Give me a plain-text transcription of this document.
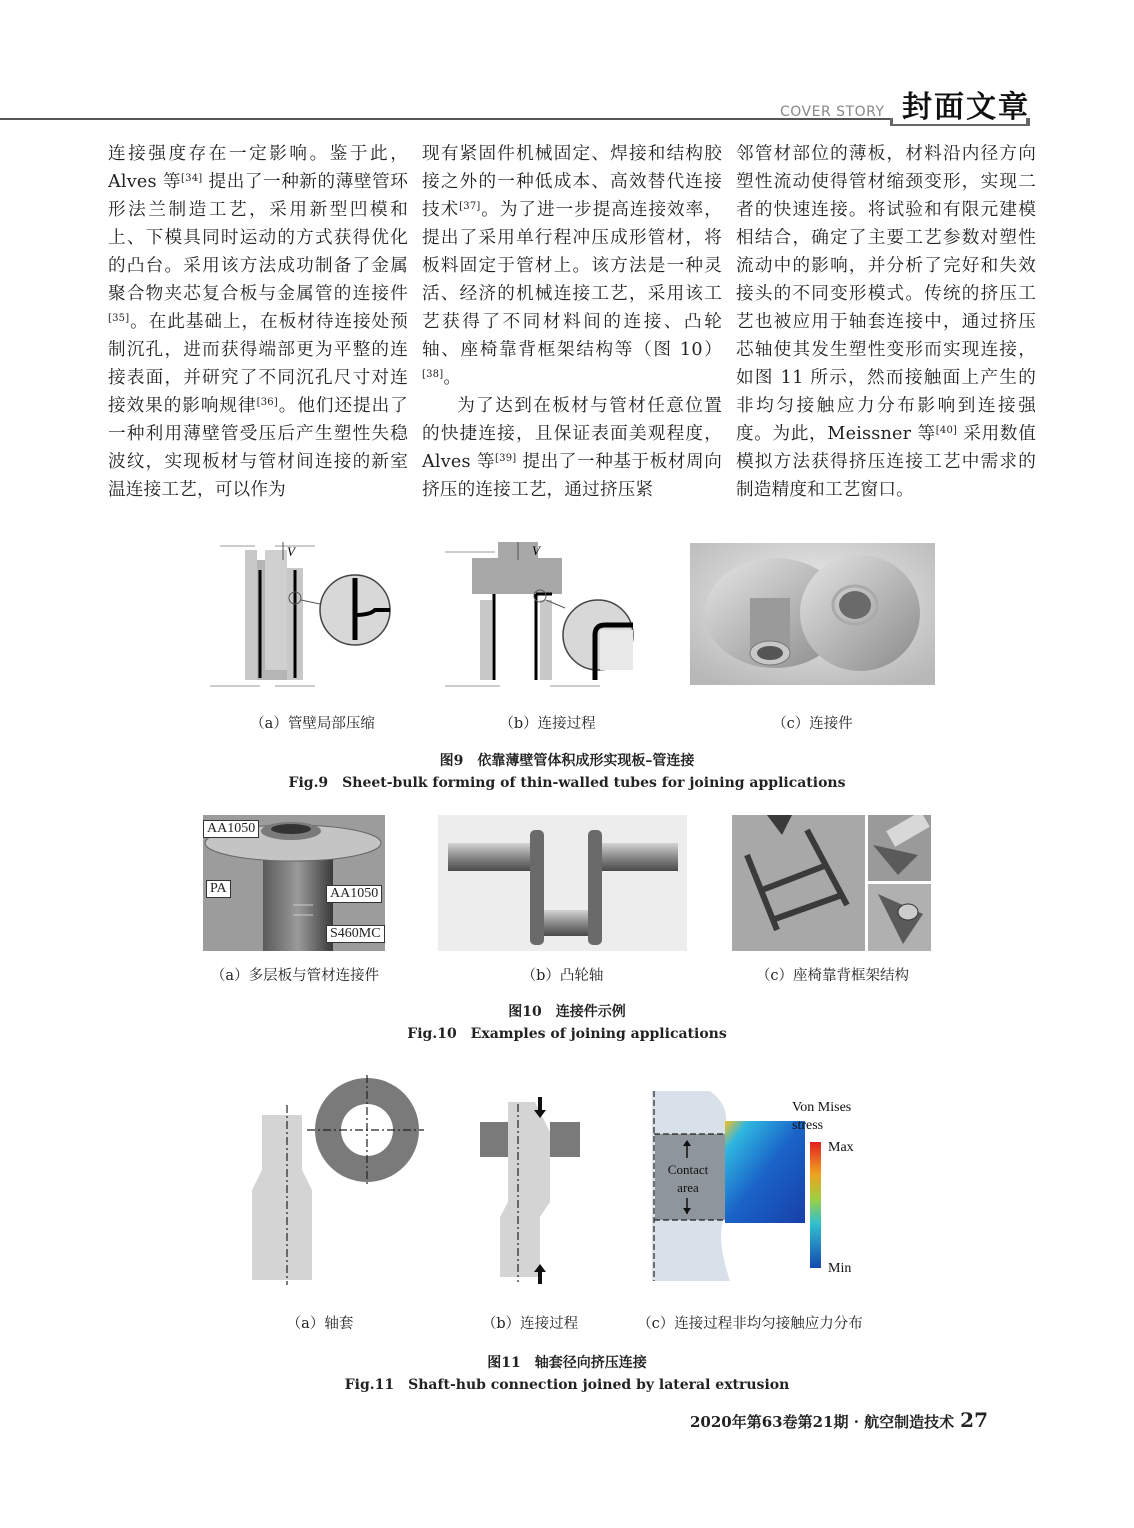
COVER STORY 封面文章

连接强度存在一定影响。鉴于此，Alves 等[34] 提出了一种新的薄壁管环形法兰制造工艺，采用新型凹模和上、下模具同时运动的方式获得优化的凸台。采用该方法成功制备了金属聚合物夹芯复合板与金属管的连接件[35]。在此基础上，在板材待连接处预制沉孔，进而获得端部更为平整的连接表面，并研究了不同沉孔尺寸对连接效果的影响规律[36]。他们还提出了一种利用薄壁管受压后产生塑性失稳波纹，实现板材与管材间连接的新室温连接工艺，可以作为

现有紧固件机械固定、焊接和结构胶接之外的一种低成本、高效替代连接技术[37]。为了进一步提高连接效率，提出了采用单行程冲压成形管材，将板料固定于管材上。该方法是一种灵活、经济的机械连接工艺，采用该工艺获得了不同材料间的连接、凸轮轴、座椅靠背框架结构等（图 10）[38]。

为了达到在板材与管材任意位置的快捷连接，且保证表面美观程度，Alves 等[39] 提出了一种基于板材周向挤压的连接工艺，通过挤压紧

邻管材部位的薄板，材料沿内径方向塑性流动使得管材缩颈变形，实现二者的快速连接。将试验和有限元建模相结合，确定了主要工艺参数对塑性流动中的影响，并分析了完好和失效接头的不同变形模式。传统的挤压工艺也被应用于轴套连接中，通过挤压芯轴使其发生塑性变形而实现连接，如图 11 所示，然而接触面上产生的非均匀接触应力分布影响到连接强度。为此，Meissner 等[40] 采用数值模拟方法获得挤压连接工艺中需求的制造精度和工艺窗口。

V	V
（a）管壁局部压缩	（b）连接过程	（c）连接件
图9　依靠薄壁管体积成形实现板–管连接
Fig.9　Sheet-bulk forming of thin-walled tubes for joining applications
AA1050
PA	AA1050
S460MC
（a）多层板与管材连接件	（b）凸轮轴	（c）座椅靠背框架结构
图10　连接件示例
Fig.10　Examples of joining applications
Contact
area
Von Mises
stress
Max
Min
（a）轴套	（b）连接过程	（c）连接过程非均匀接触应力分布
图11　轴套径向挤压连接
Fig.11　Shaft-hub connection joined by lateral extrusion
2020年第63卷第21期 · 航空制造技术 27
